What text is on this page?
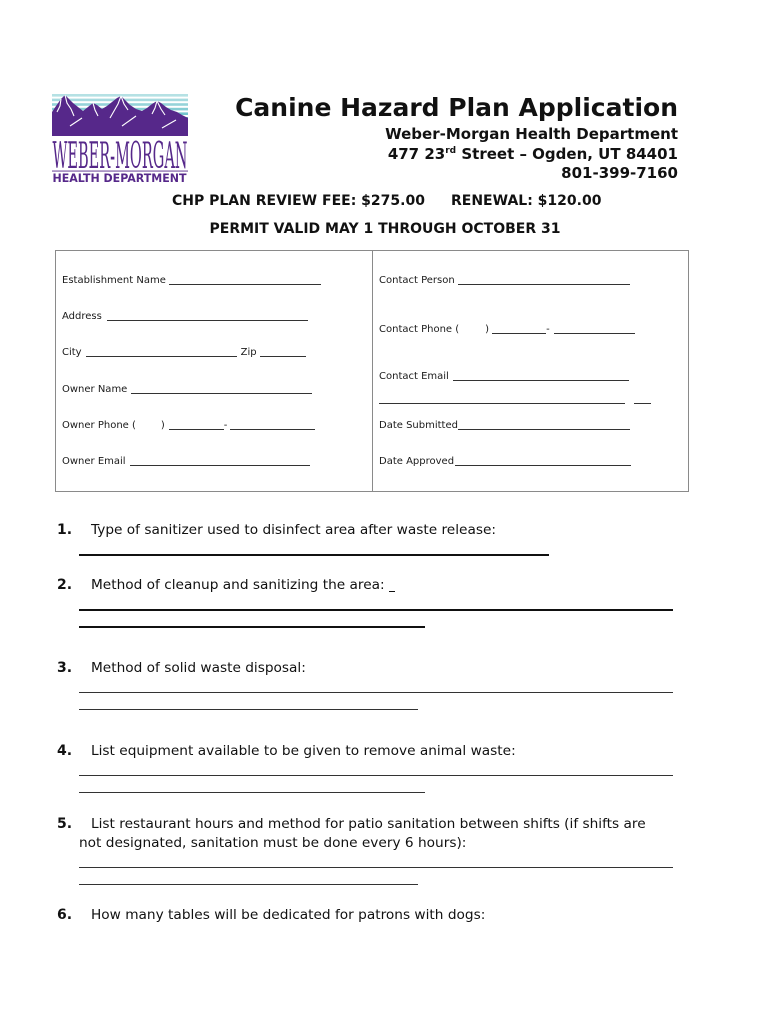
WEBER-MORGAN
HEALTH DEPARTMENT
Canine Hazard Plan Application
Weber-Morgan Health Department
477 23rd Street – Ogden, UT 84401
801-399-7160
CHP PLAN REVIEW FEE: $275.00 RENEWAL: $120.00
PERMIT VALID MAY 1 THROUGH OCTOBER 31
Establishment Name
Address
City	Zip
Owner Name
Owner Phone (	)	-
Owner Email
Contact Person
Contact Phone (	)	-
Contact Email
Date Submitted
Date Approved
1. Type of sanitizer used to disinfect area after waste release:
2. Method of cleanup and sanitizing the area:
3. Method of solid waste disposal:
4. List equipment available to be given to remove animal waste:
5. List restaurant hours and method for patio sanitation between shifts (if shifts are
not designated, sanitation must be done every 6 hours):
6. How many tables will be dedicated for patrons with dogs:
